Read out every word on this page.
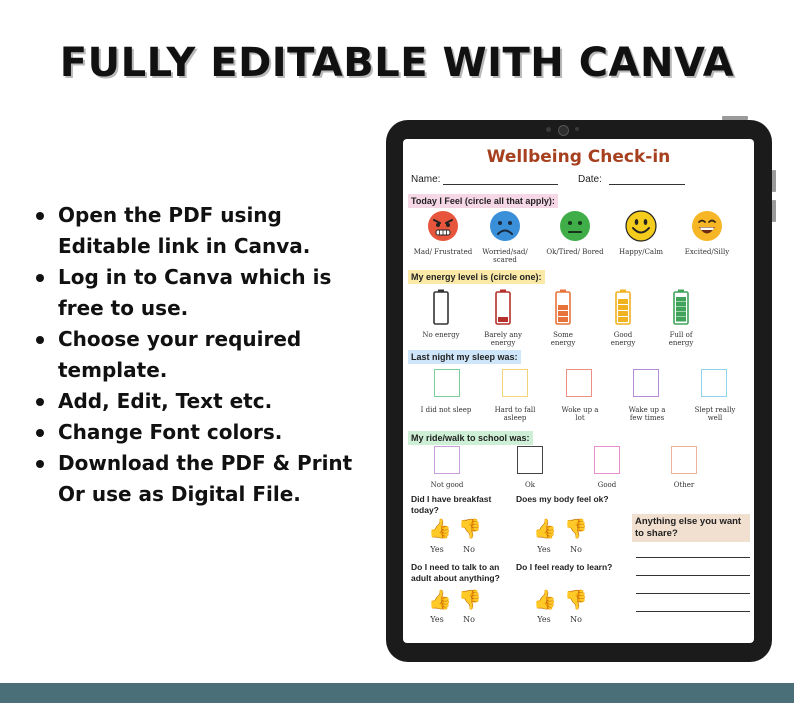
FULLY EDITABLE WITH CANVA
Open the PDF using Editable link in Canva.
Log in to Canva which is free to use.
Choose your required template.
Add, Edit, Text etc.
Change Font colors.
Download the PDF & Print Or use as Digital File.
Wellbeing Check-in
Name:	Date:
Today I Feel (circle all that apply):
Mad/ Frustrated	Worried/sad/ scared
Ok/Tired/ Bored	Happy/Calm	Excited/Silly
My energy level is (circle one):
No energy	Barely any energy
Some energy
Good energy
Full of energy
Last night my sleep was:
I did not sleep	Hard to fall asleep
Woke up a lot
Wake up a few times
Slept really well
My ride/walk to school was:
Not good	Ok	Good	Other
Did I have breakfast today?
Does my body feel ok?
👍 👎
Yes	No
👍 👎
Yes	No
Do I need to talk to an adult about anything?
Do I feel ready to learn?
👍 👎
Yes	No
👍 👎
Yes	No
Anything else you want to share?
